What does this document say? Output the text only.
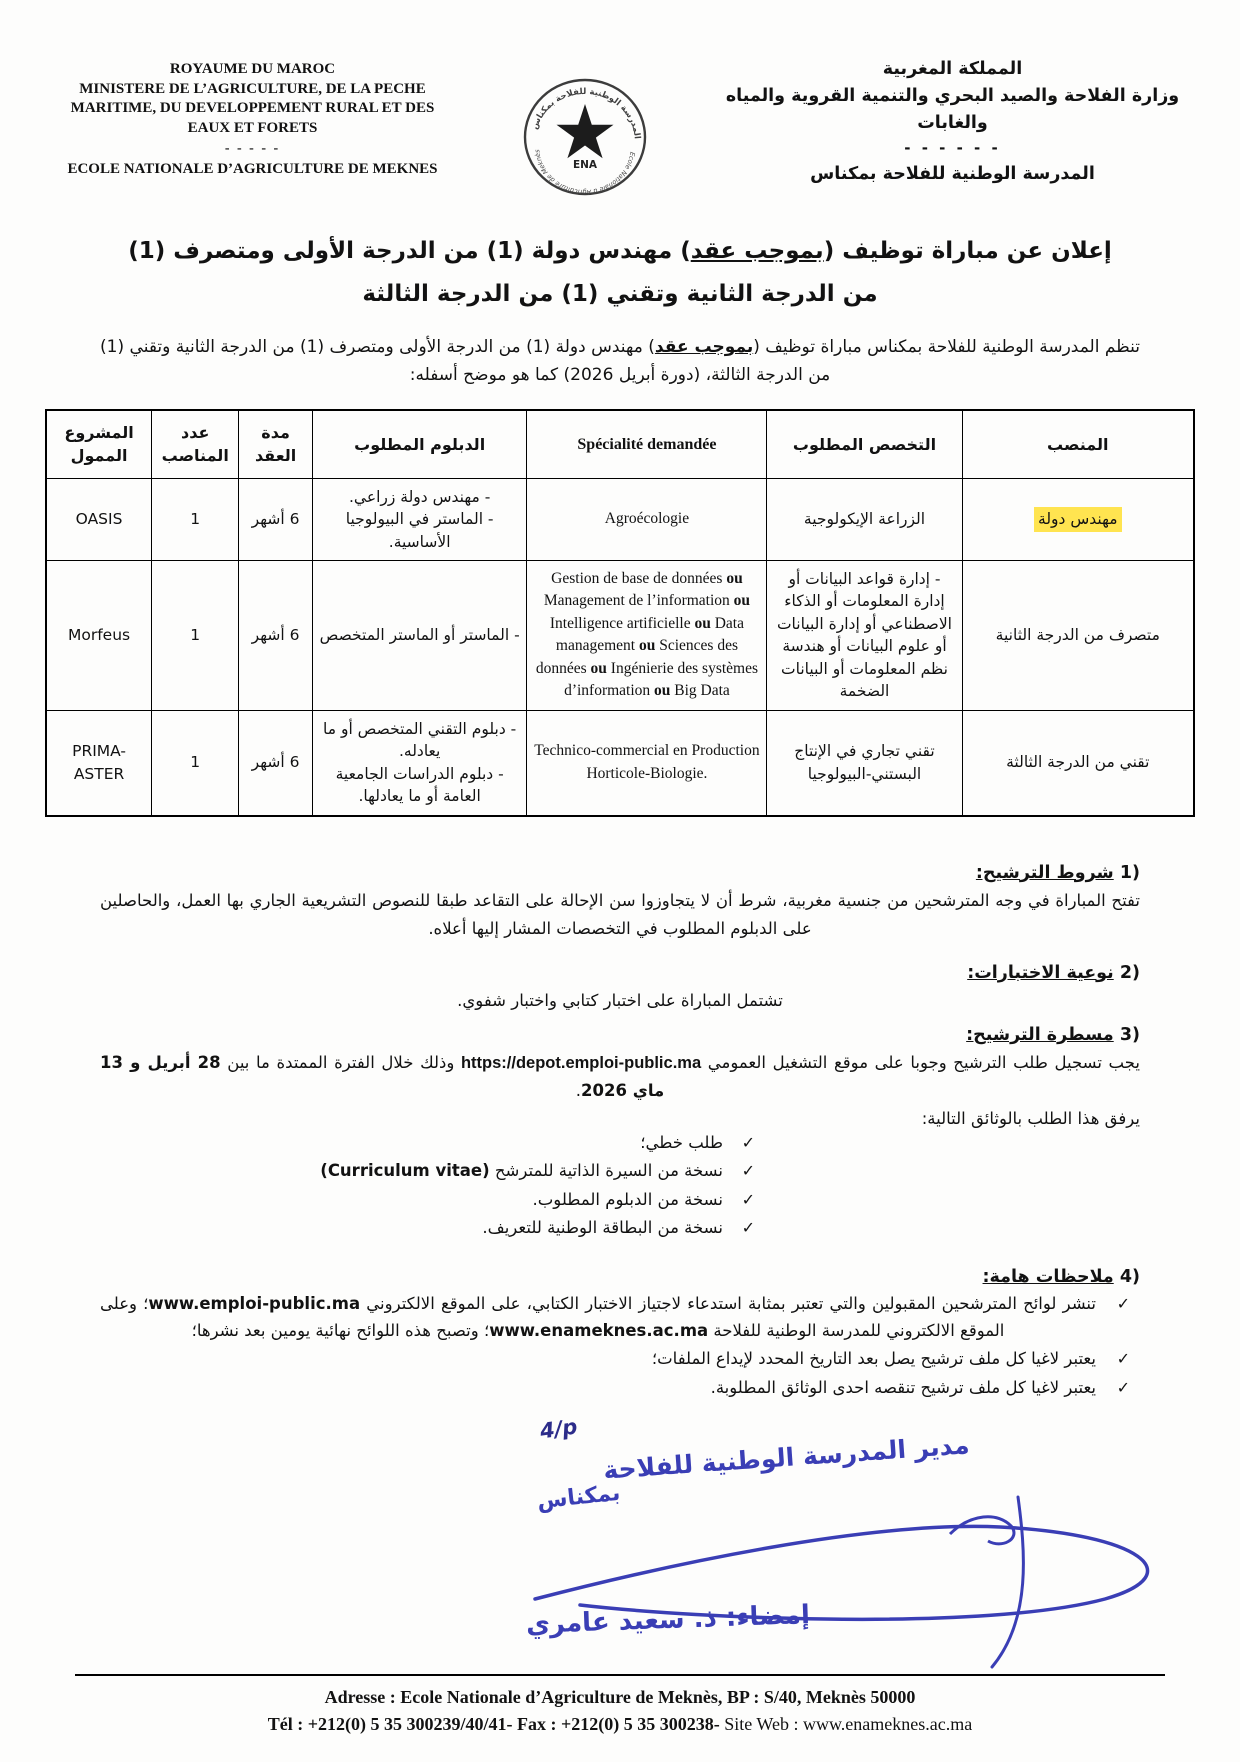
ROYAUME DU MAROC
MINISTERE DE L’AGRICULTURE, DE LA PECHE MARITIME, DU DEVELOPPEMENT RURAL ET DES EAUX ET FORETS
- - - - -
ECOLE NATIONALE D’AGRICULTURE DE MEKNES
المدرسة الوطنية للفلاحة بمكناس
Ecole Nationale d’Agriculture de Meknès
ENA
المملكة المغربية
وزارة الفلاحة والصيد البحري والتنمية القروية والمياه والغابات
- - - - - -
المدرسة الوطنية للفلاحة بمكناس
إعلان عن مباراة توظيف (بموجب عقد) مهندس دولة (1) من الدرجة الأولى ومتصرف (1)
من الدرجة الثانية وتقني (1) من الدرجة الثالثة

تنظم المدرسة الوطنية للفلاحة بمكناس مباراة توظيف (بموجب عقد) مهندس دولة (1) من الدرجة الأولى ومتصرف (1) من الدرجة الثانية وتقني (1) من الدرجة الثالثة، (دورة أبريل 2026) كما هو موضح أسفله:

المشروع الممول	عدد المناصب	مدة العقد	الدبلوم المطلوب	Spécialité demandée	التخصص المطلوب	المنصب
OASIS	1	6 أشهر	- مهندس دولة زراعي.
- الماستر في البيولوجيا الأساسية.	Agroécologie	الزراعة الإيكولوجية	مهندس دولة
Morfeus	1	6 أشهر	- الماستر أو الماستر المتخصص	Gestion de base de données ou Management de l’information ou Intelligence artificielle ou Data management ou Sciences des données ou Ingénierie des systèmes d’information ou Big Data	- إدارة قواعد البيانات أو إدارة المعلومات أو الذكاء الاصطناعي أو إدارة البيانات أو علوم البيانات أو هندسة نظم المعلومات أو البيانات الضخمة	متصرف من الدرجة الثانية
PRIMA-ASTER	1	6 أشهر	- دبلوم التقني المتخصص أو ما يعادله.
- دبلوم الدراسات الجامعية العامة أو ما يعادلها.	Technico-commercial en Production Horticole-Biologie.	تقني تجاري في الإنتاج البستني-البيولوجيا	تقني من الدرجة الثالثة

1) شروط الترشيح:

تفتح المباراة في وجه المترشحين من جنسية مغربية، شرط أن لا يتجاوزوا سن الإحالة على التقاعد طبقا للنصوص التشريعية الجاري بها العمل، والحاصلين على الدبلوم المطلوب في التخصصات المشار إليها أعلاه.

2) نوعية الاختبارات:

تشتمل المباراة على اختبار كتابي واختبار شفوي.

3) مسطرة الترشيح:

يجب تسجيل طلب الترشيح وجوبا على موقع التشغيل العمومي https://depot.emploi-public.ma وذلك خلال الفترة الممتدة ما بين 28 أبريل و 13 ماي 2026.

يرفق هذا الطلب بالوثائق التالية:

✓
طلب خطي؛
✓
نسخة من السيرة الذاتية للمترشح (Curriculum vitae)
✓
نسخة من الدبلوم المطلوب.
✓
نسخة من البطاقة الوطنية للتعريف.

4) ملاحظات هامة:

✓
تنشر لوائح المترشحين المقبولين والتي تعتبر بمثابة استدعاء لاجتياز الاختبار الكتابي، على الموقع الالكتروني www.emploi-public.ma؛ وعلى الموقع الالكتروني للمدرسة الوطنية للفلاحة www.enameknes.ac.ma؛ وتصبح هذه اللوائح نهائية يومين بعد نشرها؛
✓
يعتبر لاغيا كل ملف ترشيح يصل بعد التاريخ المحدد لإيداع الملفات؛
✓
يعتبر لاغيا كل ملف ترشيح تنقصه احدى الوثائق المطلوبة.
4/p
مدير المدرسة الوطنية للفلاحة
بمكناس
إمضاء: ذ. سعيد عامري
Adresse : Ecole Nationale d’Agriculture de Meknès, BP : S/40, Meknès 50000
Tél : +212(0) 5 35 300239/40/41- Fax : +212(0) 5 35 300238- Site Web : www.enameknes.ac.ma
